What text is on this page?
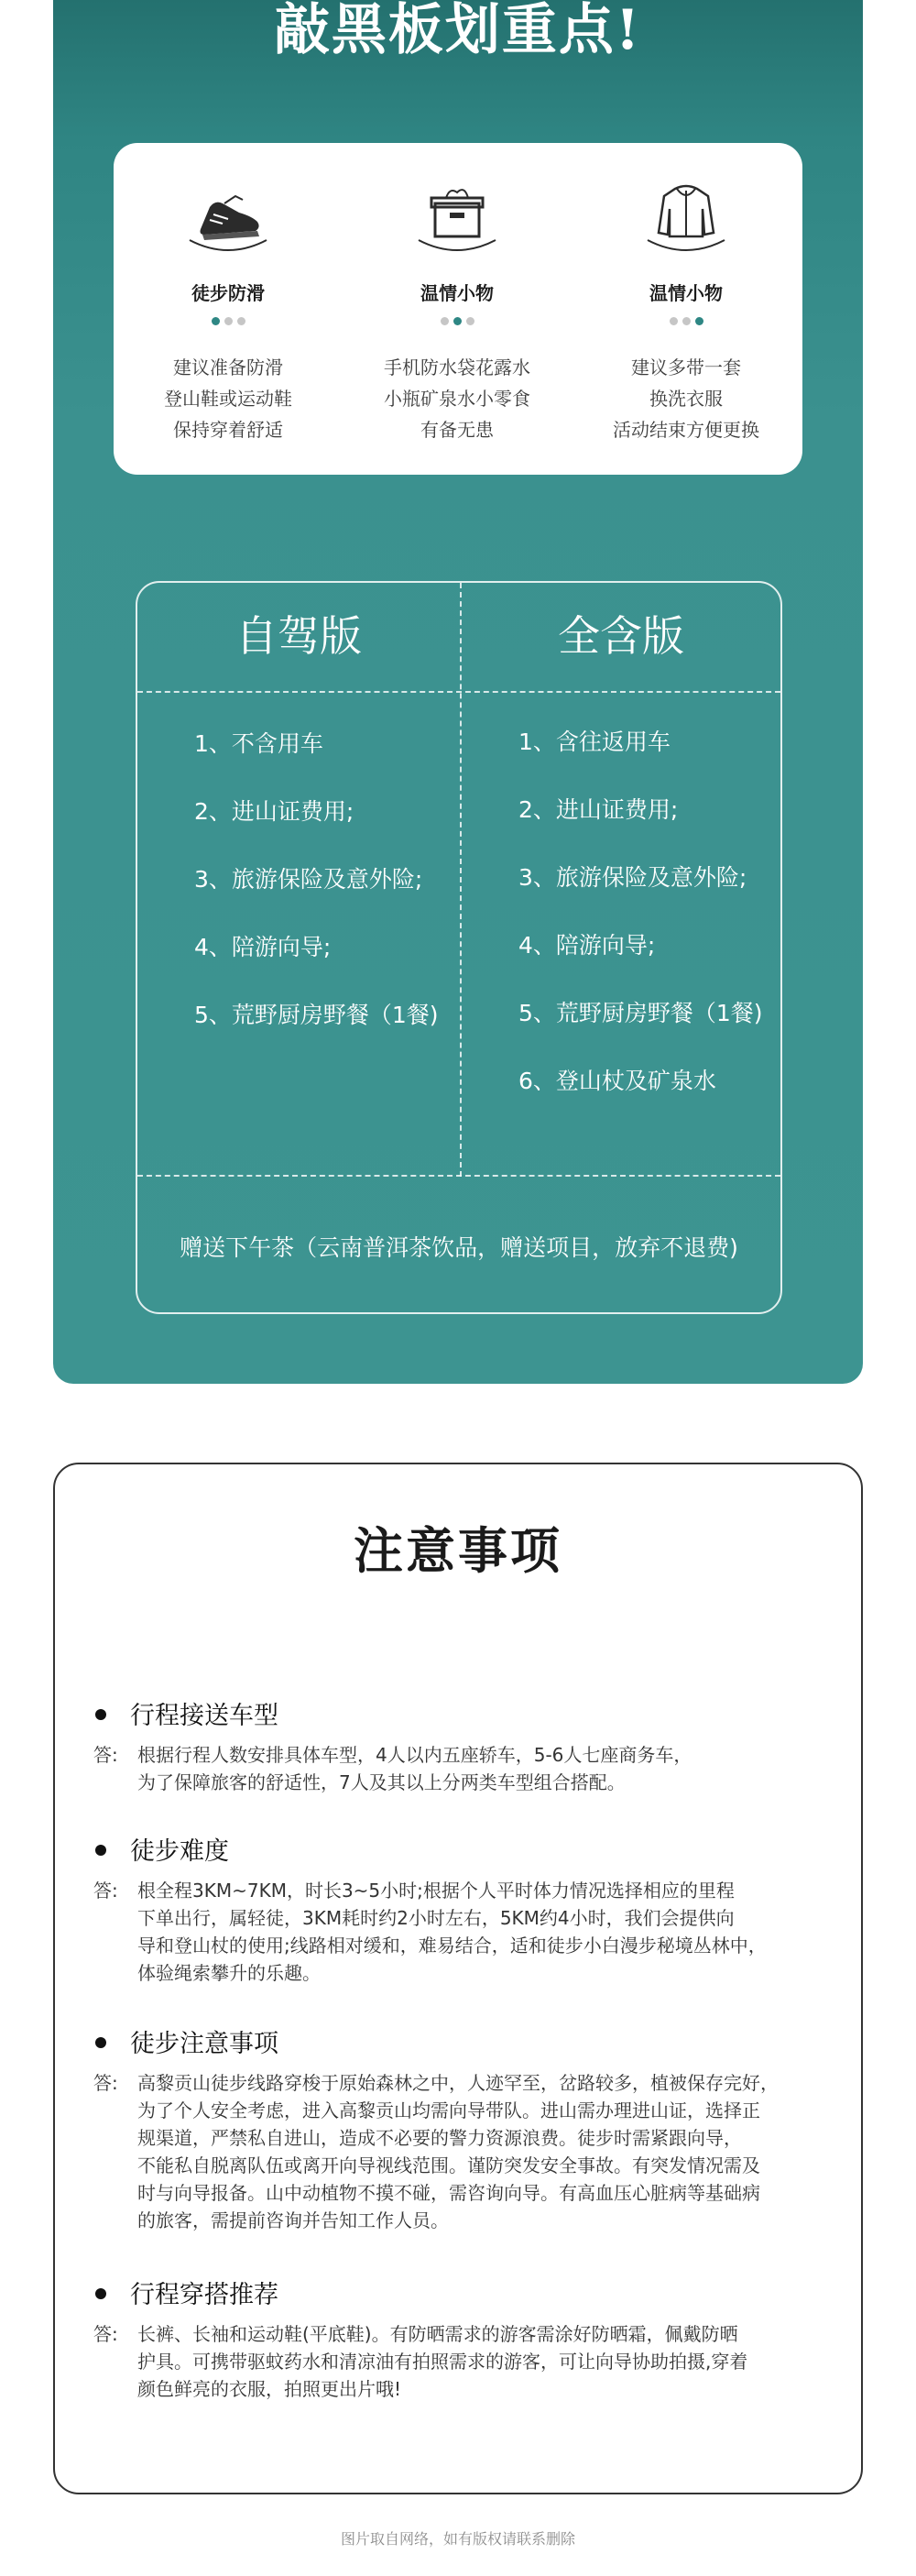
敲黑板划重点!
徒步防滑
建议准备防滑
登山鞋或运动鞋
保持穿着舒适
温情小物
手机防水袋花露水
小瓶矿泉水小零食
有备无患
温情小物
建议多带一套
换洗衣服
活动结束方便更换
自驾版	全含版
1、不含用车
2、进山证费用;
3、旅游保险及意外险;
4、陪游向导;
5、荒野厨房野餐（1餐)
1、含往返用车
2、进山证费用;
3、旅游保险及意外险;
4、陪游向导;
5、荒野厨房野餐（1餐)
6、登山杖及矿泉水
赠送下午茶（云南普洱茶饮品，赠送项目，放弃不退费)
注意事项
行程接送车型
答: 根据行程人数安排具体车型，4人以内五座轿车，5-6人七座商务车，
为了保障旅客的舒适性，7人及其以上分两类车型组合搭配。
徒步难度
答: 根全程3KM~7KM，时长3~5小时;根据个人平时体力情况选择相应的里程
下单出行，属轻徒，3KM耗时约2小时左右，5KM约4小时，我们会提供向
导和登山杖的使用;线路相对缓和，难易结合，适和徒步小白漫步秘境丛林中，
体验绳索攀升的乐趣。
徒步注意事项
答: 高黎贡山徒步线路穿梭于原始森林之中，人迹罕至，岔路较多，植被保存完好，
为了个人安全考虑，进入高黎贡山均需向导带队。进山需办理进山证，选择正
规渠道，严禁私自进山，造成不必要的警力资源浪费。徒步时需紧跟向导，
不能私自脱离队伍或离开向导视线范围。谨防突发安全事故。有突发情况需及
时与向导报备。山中动植物不摸不碰，需咨询向导。有高血压心脏病等基础病
的旅客，需提前咨询并告知工作人员。
行程穿搭推荐
答: 长裤、长袖和运动鞋(平底鞋)。有防晒需求的游客需涂好防晒霜，佩戴防晒
护具。可携带驱蚊药水和清凉油有拍照需求的游客，可让向导协助拍摄,穿着
颜色鲜亮的衣服，拍照更出片哦!
图片取自网络，如有版权请联系删除
